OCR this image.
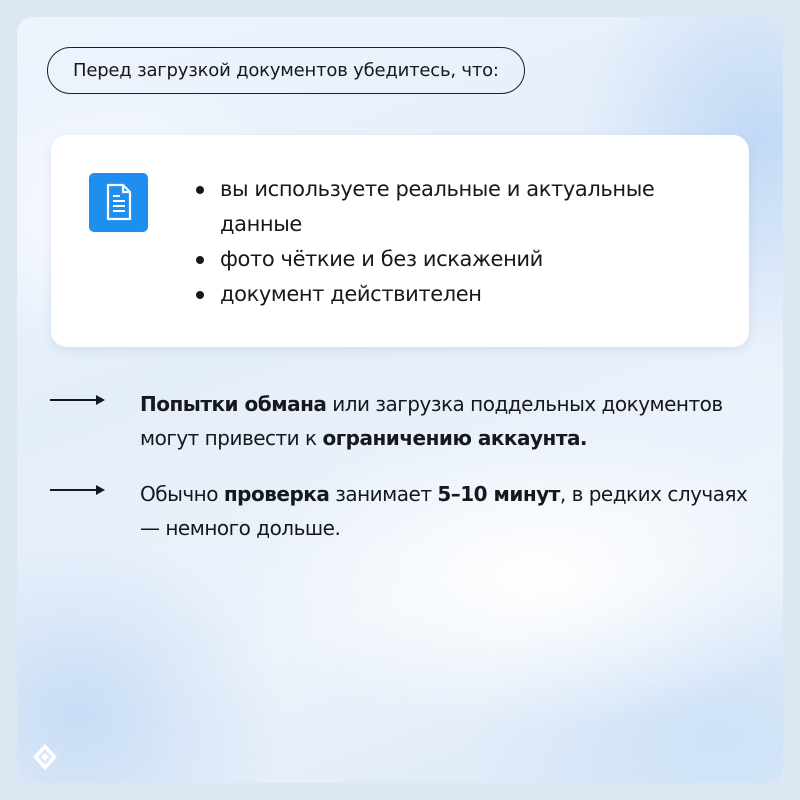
Перед загрузкой документов убедитесь, что:
вы используете реальные и актуальные данные
фото чёткие и без искажений
документ действителен
Попытки обмана или загрузка поддельных документов могут привести к ограничению аккаунта.
Обычно проверка занимает 5–10 минут, в редких случаях — немного дольше.
